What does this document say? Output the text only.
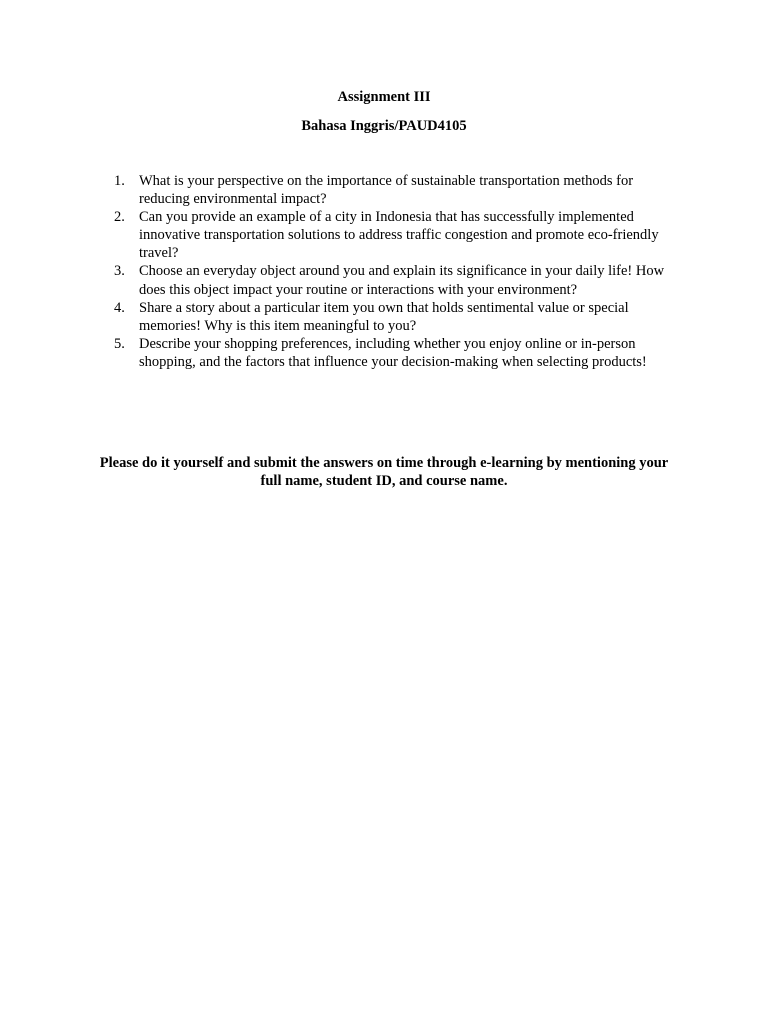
Assignment III
Bahasa Inggris/PAUD4105
1. What is your perspective on the importance of sustainable transportation methods for reducing environmental impact?
2. Can you provide an example of a city in Indonesia that has successfully implemented innovative transportation solutions to address traffic congestion and promote eco-friendly travel?
3. Choose an everyday object around you and explain its significance in your daily life! How does this object impact your routine or interactions with your environment?
4. Share a story about a particular item you own that holds sentimental value or special memories! Why is this item meaningful to you?
5. Describe your shopping preferences, including whether you enjoy online or in-person shopping, and the factors that influence your decision-making when selecting products!

Please do it yourself and submit the answers on time through e-learning by mentioning your full name, student ID, and course name.
